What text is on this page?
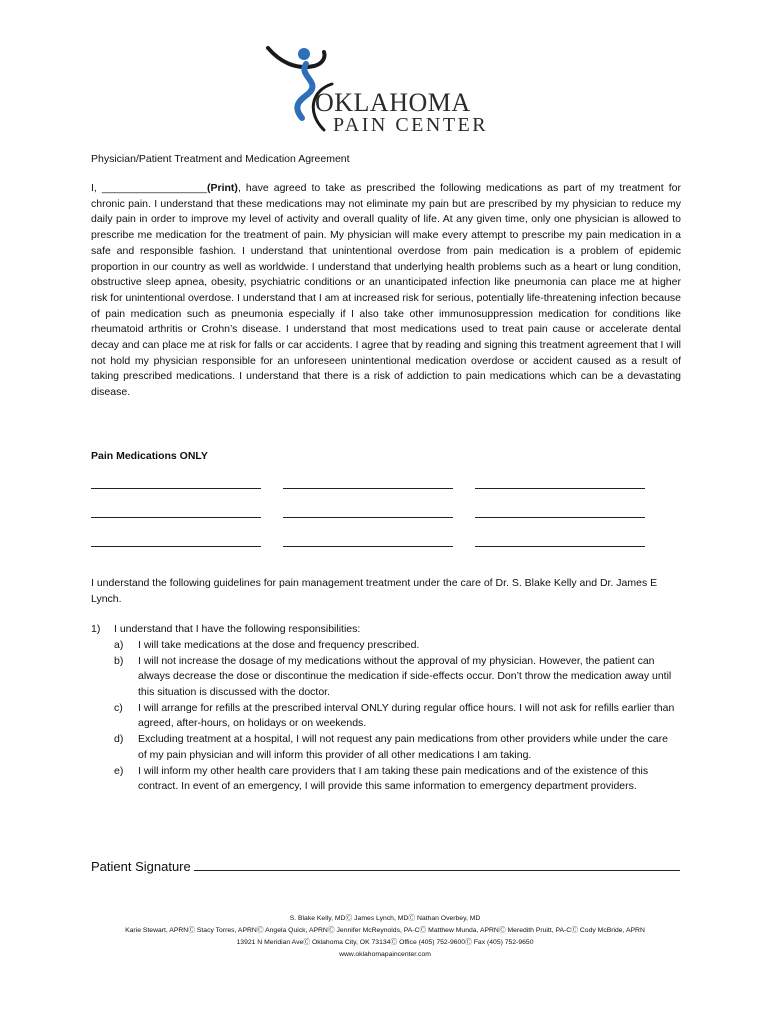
OKLAHOMA
PAIN CENTER
Physician/Patient Treatment and Medication Agreement
I, __________________(Print), have agreed to take as prescribed the following medications as part of my treatment for chronic pain. I understand that these medications may not eliminate my pain but are prescribed by my physician to reduce my daily pain in order to improve my level of activity and overall quality of life. At any given time, only one physician is allowed to prescribe me medication for the treatment of pain. My physician will make every attempt to prescribe my pain medication in a safe and responsible fashion. I understand that unintentional overdose from pain medication is a problem of epidemic proportion in our country as well as worldwide. I understand that underlying health problems such as a heart or lung condition, obstructive sleep apnea, obesity, psychiatric conditions or an unanticipated infection like pneumonia can place me at higher risk for unintentional overdose. I understand that I am at increased risk for serious, potentially life-threatening infection because of pain medication such as pneumonia especially if I also take other immunosuppression medication for conditions like rheumatoid arthritis or Crohn’s disease. I understand that most medications used to treat pain cause or accelerate dental decay and can place me at risk for falls or car accidents. I agree that by reading and signing this treatment agreement that I will not hold my physician responsible for an unforeseen unintentional medication overdose or accident caused as a result of taking prescribed medications. I understand that there is a risk of addiction to pain medications which can be a devastating disease.
Pain Medications ONLY
I understand the following guidelines for pain management treatment under the care of Dr. S. Blake Kelly and Dr. James E Lynch.
1) I understand that I have the following responsibilities:
a) I will take medications at the dose and frequency prescribed.
b) I will not increase the dosage of my medications without the approval of my physician. However, the patient can always decrease the dose or discontinue the medication if side-effects occur. Don’t throw the medication away until this situation is discussed with the doctor.
c) I will arrange for refills at the prescribed interval ONLY during regular office hours. I will not ask for refills earlier than agreed, after-hours, on holidays or on weekends.
d) Excluding treatment at a hospital, I will not request any pain medications from other providers while under the care of my pain physician and will inform this provider of all other medications I am taking.
e) I will inform my other health care providers that I am taking these pain medications and of the existence of this contract. In event of an emergency, I will provide this same information to emergency department providers.
Patient Signature
S. Blake Kelly, MDⒸ James Lynch, MDⒸ Nathan Overbey, MD
Karie Stewart, APRNⒸ Stacy Torres, APRNⒸ Angela Quick, APRNⒸ Jennifer McReynolds, PA-CⒸ Matthew Munda, APRNⒸ Meredith Pruitt, PA-CⒸ Cody McBride, APRN
13921 N Meridian AveⒸ Oklahoma City, OK 73134Ⓒ Office (405) 752-9600Ⓒ Fax (405) 752-9650
www.oklahomapaincenter.com
